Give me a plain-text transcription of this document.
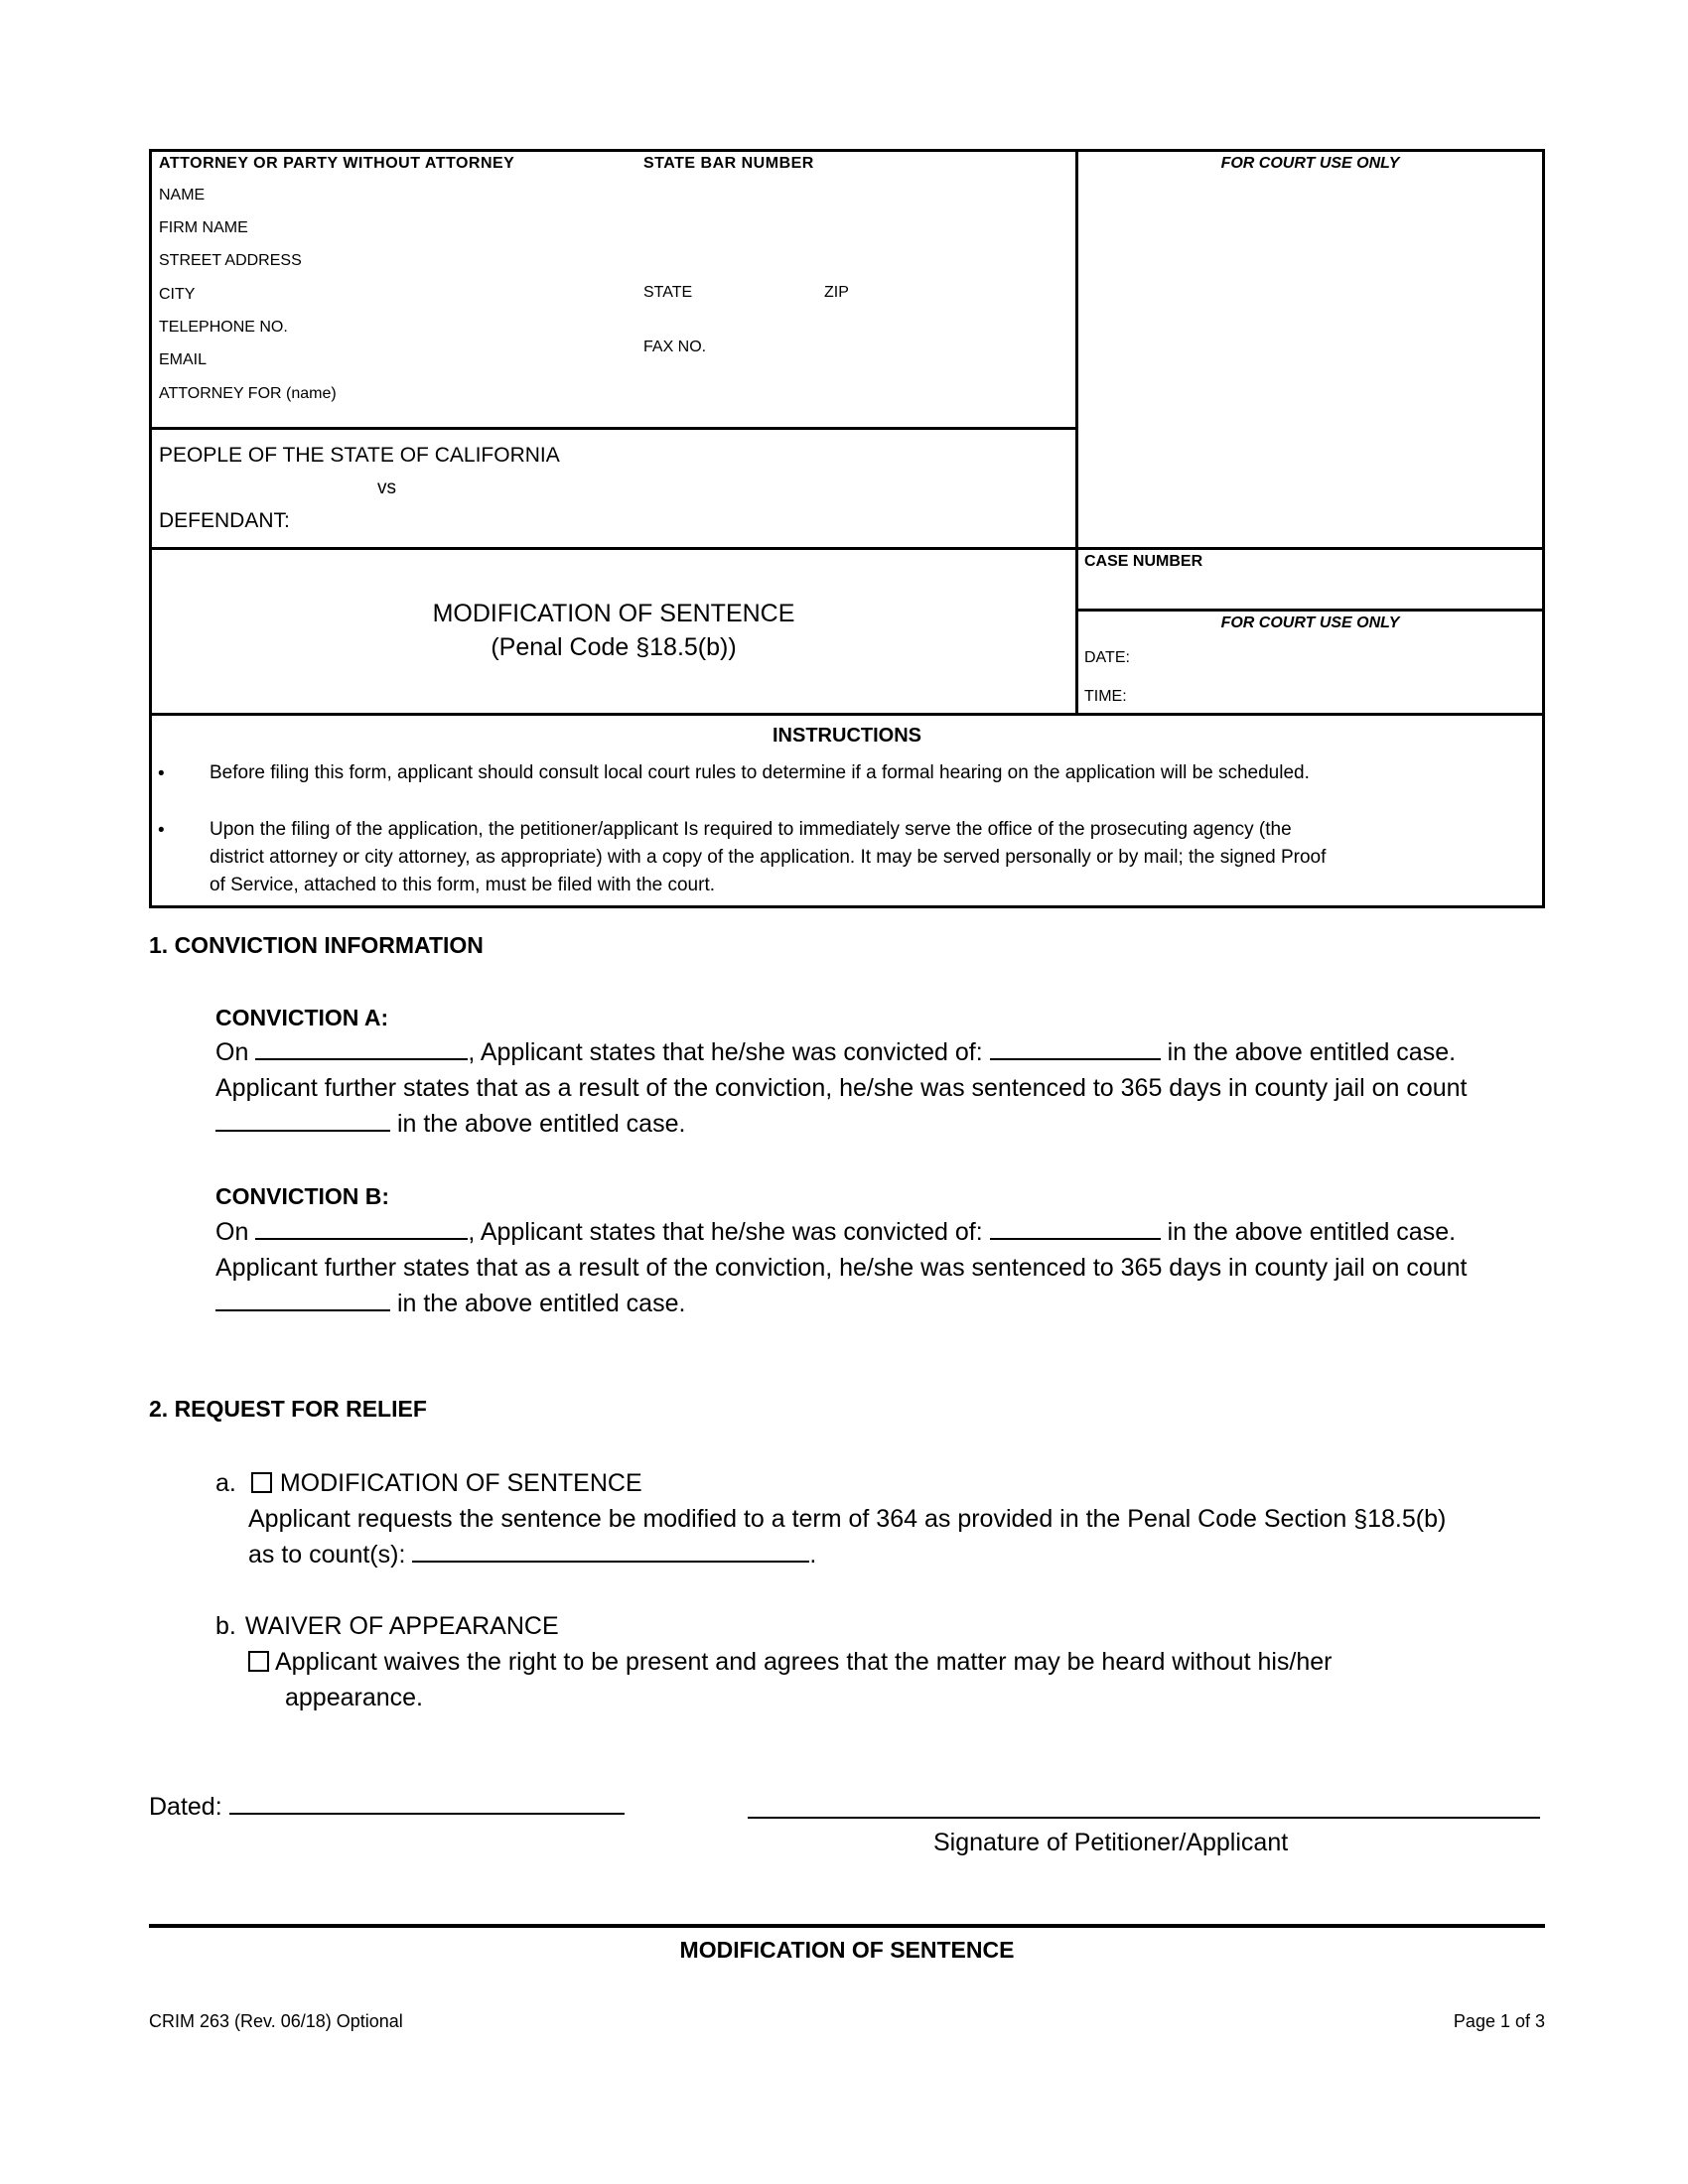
ATTORNEY OR PARTY WITHOUT ATTORNEY	STATE BAR NUMBER
NAME
FIRM NAME
STREET ADDRESS
CITY	STATE	ZIP
TELEPHONE NO.
FAX NO.
EMAIL
ATTORNEY FOR (name)
FOR COURT USE ONLY
PEOPLE OF THE STATE OF CALIFORNIA
vs
DEFENDANT:
MODIFICATION OF SENTENCE
(Penal Code §18.5(b))
CASE NUMBER
FOR COURT USE ONLY
DATE:
TIME:
INSTRUCTIONS
• Before filing this form, applicant should consult local court rules to determine if a formal hearing on the application will be scheduled.
• Upon the filing of the application, the petitioner/applicant Is required to immediately serve the office of the prosecuting agency (the
district attorney or city attorney, as appropriate) with a copy of the application. It may be served personally or by mail; the signed Proof
of Service, attached to this form, must be filed with the court.
1. CONVICTION INFORMATION
CONVICTION A:
On	, Applicant states that he/she was convicted of:	in the above entitled case.
Applicant further states that as a result of the conviction, he/she was sentenced to 365 days in county jail on count
in the above entitled case.
CONVICTION B:
On	, Applicant states that he/she was convicted of:	in the above entitled case.
Applicant further states that as a result of the conviction, he/she was sentenced to 365 days in county jail on count
in the above entitled case.
2. REQUEST FOR RELIEF
a. MODIFICATION OF SENTENCE
Applicant requests the sentence be modified to a term of 364 as provided in the Penal Code Section §18.5(b)
as to count(s):	.
b. WAIVER OF APPEARANCE
Applicant waives the right to be present and agrees that the matter may be heard without his/her
appearance.
Dated:
Signature of Petitioner/Applicant
MODIFICATION OF SENTENCE
CRIM 263 (Rev. 06/18) Optional	Page 1 of 3
